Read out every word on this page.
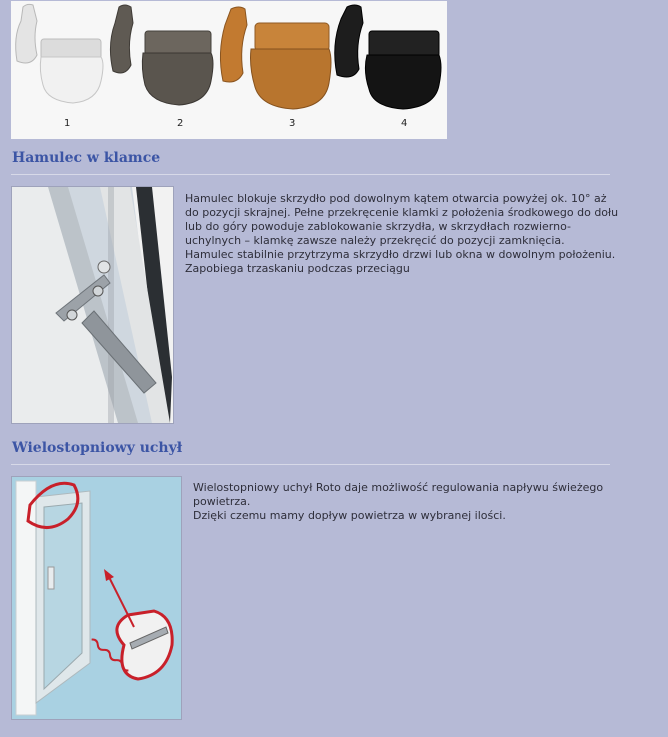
1	2	3	4
Hamulec w klamce

Hamulec blokuje skrzydło pod dowolnym kątem otwarcia powyżej ok. 10° aż
do pozycji skrajnej. Pełne przekręcenie klamki z położenia środkowego do dołu
lub do góry powoduje zablokowanie skrzydła, w skrzydłach rozwierno-
uchylnych – klamkę zawsze należy przekręcić do pozycji zamknięcia.
Hamulec stabilnie przytrzyma skrzydło drzwi lub okna w dowolnym położeniu.
Zapobiega trzaskaniu podczas przeciągu

Wielostopniowy uchył

Wielostopniowy uchył Roto daje możliwość regulowania napływu świeżego
powietrza.
Dzięki czemu mamy dopływ powietrza w wybranej ilości.
